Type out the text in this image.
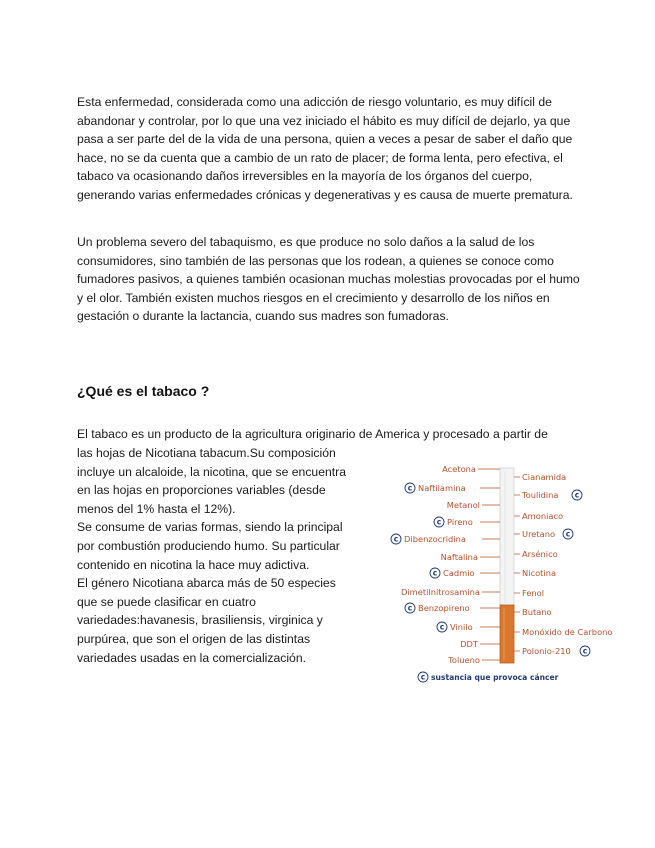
Esta enfermedad, considerada como una adicción de riesgo voluntario, es muy difícil de abandonar y controlar, por lo que una vez iniciado el hábito es muy difícil de dejarlo, ya que pasa a ser parte del de la vida de una persona, quien a veces a pesar de saber el daño que hace, no se da cuenta que a cambio de un rato de placer; de forma lenta, pero efectiva, el tabaco va ocasionando daños irreversibles en la mayoría de los órganos del cuerpo, generando varias enfermedades crónicas y degenerativas y es causa de muerte prematura.

Un problema severo del tabaquismo, es que produce no solo daños a la salud de los consumidores, sino también de las personas que los rodean, a quienes se conoce como fumadores pasivos, a quienes también ocasionan muchas molestias provocadas por el humo y el olor. También existen muchos riesgos en el crecimiento y desarrollo de los niños en gestación o durante la lactancia, cuando sus madres son fumadoras.

¿Qué es el tabaco ?

El tabaco es un producto de la agricultura originario de America y procesado a partir de

las hojas de Nicotiana tabacum.Su composición
incluye un alcaloide, la nicotina, que se encuentra
en las hojas en proporciones variables (desde
menos del 1% hasta el 12%).
Se consume de varias formas, siendo la principal
por combustión produciendo humo. Su particular
contenido en nicotina la hace muy adictiva.
El género Nicotiana abarca más de 50 especies
que se puede clasificar en cuatro
variedades:havanesis, brasiliensis, virginica y
purpúrea, que son el origen de las distintas
variedades usadas en la comercialización.
Acetona
c Naftilamina
Metanol
c Pireno
c Dibenzocridina
Naftalina
c Cadmio
Dimetilnitrosamina
c Benzopireno
c Vinilo
DDT
Tolueno
Cianamida
Toulidina c
Amoniaco
Uretano c
Arsénico
Nicotina
Fenol
Butano
Monóxido de Carbono
Polonio-210 c
c sustancia que provoca cáncer
